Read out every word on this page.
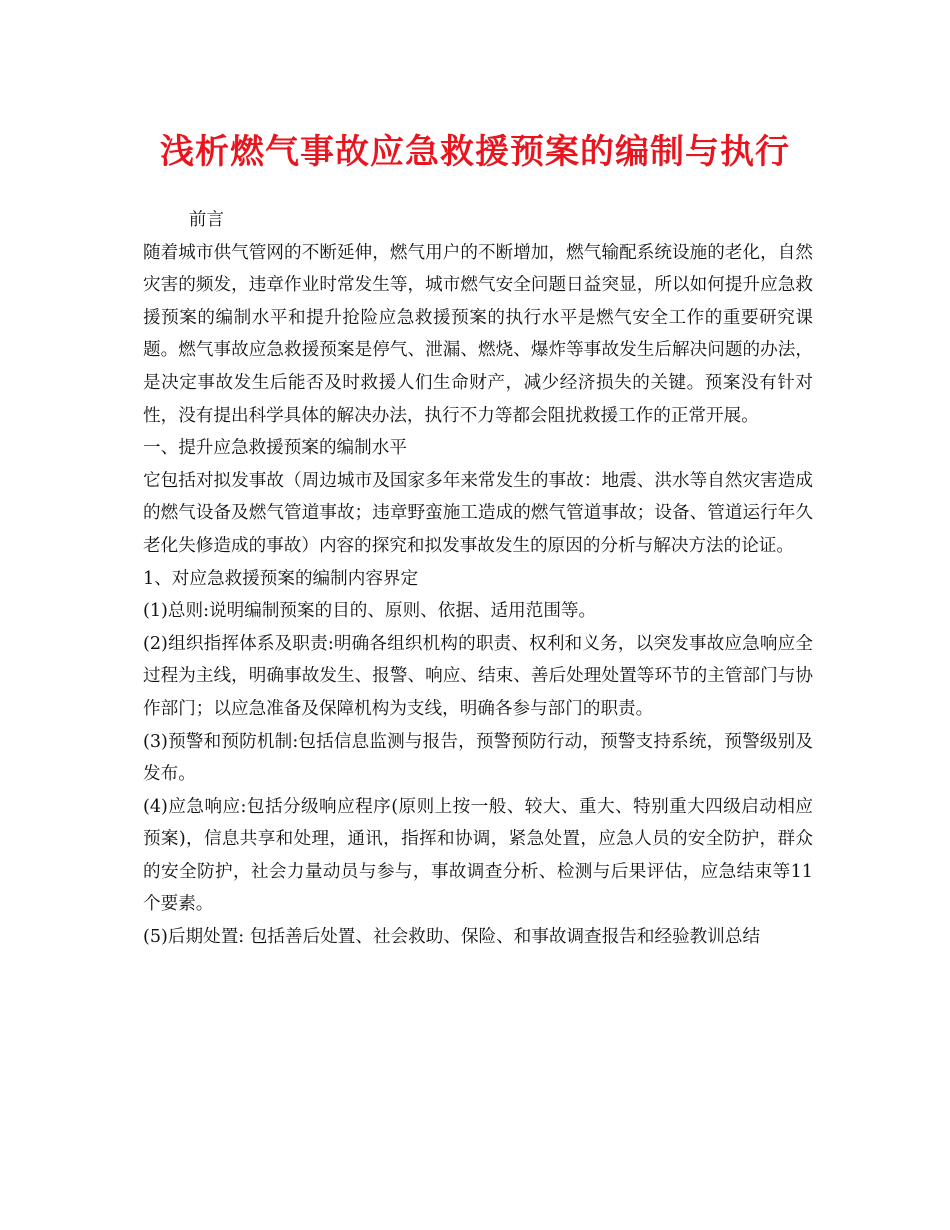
浅析燃气事故应急救援预案的编制与执行

前言

随着城市供气管网的不断延伸，燃气用户的不断增加，燃气输配系统设施的老化，自然灾害的频发，违章作业时常发生等，城市燃气安全问题日益突显，所以如何提升应急救援预案的编制水平和提升抢险应急救援预案的执行水平是燃气安全工作的重要研究课题。燃气事故应急救援预案是停气、泄漏、燃烧、爆炸等事故发生后解决问题的办法，是决定事故发生后能否及时救援人们生命财产，减少经济损失的关键。预案没有针对性，没有提出科学具体的解决办法，执行不力等都会阻扰救援工作的正常开展。

一、提升应急救援预案的编制水平

它包括对拟发事故（周边城市及国家多年来常发生的事故：地震、洪水等自然灾害造成的燃气设备及燃气管道事故；违章野蛮施工造成的燃气管道事故；设备、管道运行年久老化失修造成的事故）内容的探究和拟发事故发生的原因的分析与解决方法的论证。

1、对应急救援预案的编制内容界定

(1)总则:说明编制预案的目的、原则、依据、适用范围等。

(2)组织指挥体系及职责:明确各组织机构的职责、权利和义务，以突发事故应急响应全过程为主线，明确事故发生、报警、响应、结束、善后处理处置等环节的主管部门与协作部门；以应急准备及保障机构为支线，明确各参与部门的职责。

(3)预警和预防机制:包括信息监测与报告，预警预防行动，预警支持系统，预警级别及发布。

(4)应急响应:包括分级响应程序(原则上按一般、较大、重大、特别重大四级启动相应预案)，信息共享和处理，通讯，指挥和协调，紧急处置，应急人员的安全防护，群众的安全防护，社会力量动员与参与，事故调查分析、检测与后果评估，应急结束等11个要素。

(5)后期处置: 包括善后处置、社会救助、保险、和事故调查报告和经验教训总结
